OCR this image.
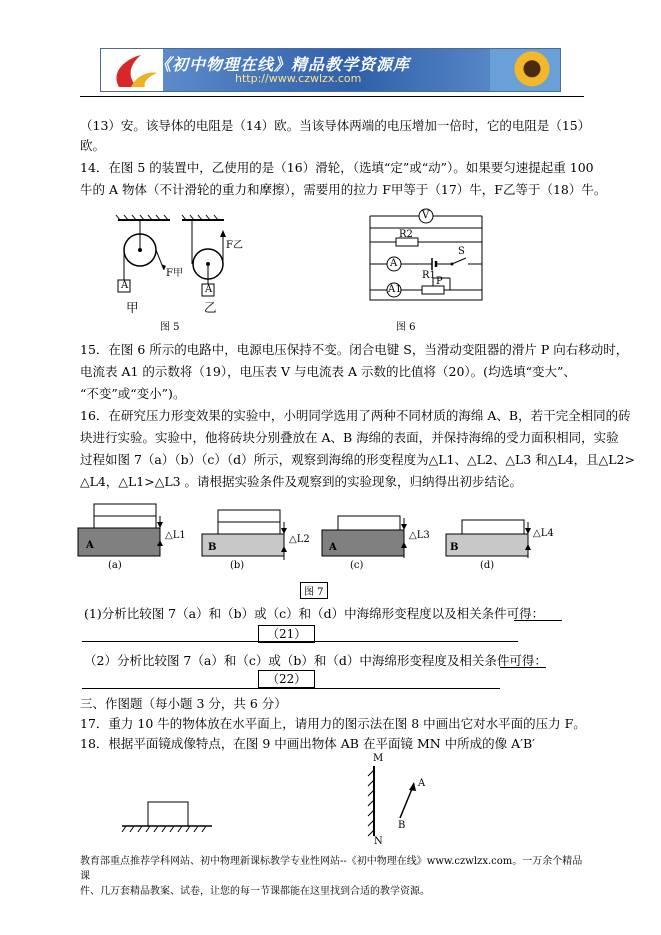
《初中物理在线》精品教学资源库
http://www.czwlzx.com
（13）安。该导体的电阻是（14）欧。当该导体两端的电压增加一倍时，它的电阻是（15）
欧。
14．在图 5 的装置中，乙使用的是（16）滑轮，（选填“定”或“动”）。如果要匀速提起重 100
牛的 A 物体（不计滑轮的重力和摩擦），需要用的拉力 F甲等于（17）牛，F乙等于（18）牛。
A	A
F甲
F乙
甲	乙
图 5
V
R2
A
S
R1
P
A1
图 6
15．在图 6 所示的电路中，电源电压保持不变。闭合电键 S，当滑动变阻器的滑片 P 向右移动时，
电流表 A1 的示数将（19），电压表 V 与电流表 A 示数的比值将（20）。(均选填“变大”、
“不变”或“变小”)。
16．在研究压力形变效果的实验中，小明同学选用了两种不同材质的海绵 A、B，若干完全相同的砖
块进行实验。实验中，他将砖块分别叠放在 A、B 海绵的表面，并保持海绵的受力面积相同，实验
过程如图 7（a）（b）（c）（d）所示，观察到海绵的形变程度为△L1、△L2、△L3 和△L4，且△L2>
△L4，△L1>△L3 。请根据实验条件及观察到的实验现象，归纳得出初步结论。
A	B	A	B
△L1	△L2	△L3	△L4
(a)	(b)	(c)	(d)
图 7
(1)分析比较图 7（a）和（b）或（c）和（d）中海绵形变程度以及相关条件可得：
（21）
（2）分析比较图 7（a）和（c）或（b）和（d）中海绵形变程度及相关条件可得：
（22）
三、作图题（每小题 3 分，共 6 分）
17．重力 10 牛的物体放在水平面上，请用力的图示法在图 8 中画出它对水平面的压力 F。
18．根据平面镜成像特点，在图 9 中画出物体 AB 在平面镜 MN 中所成的像 A′B′
M
N
A
B
教育部重点推荐学科网站、初中物理新课标教学专业性网站--《初中物理在线》www.czwlzx.com。一万余个精品课
件、几万套精品教案、试卷，让您的每一节课都能在这里找到合适的教学资源。
